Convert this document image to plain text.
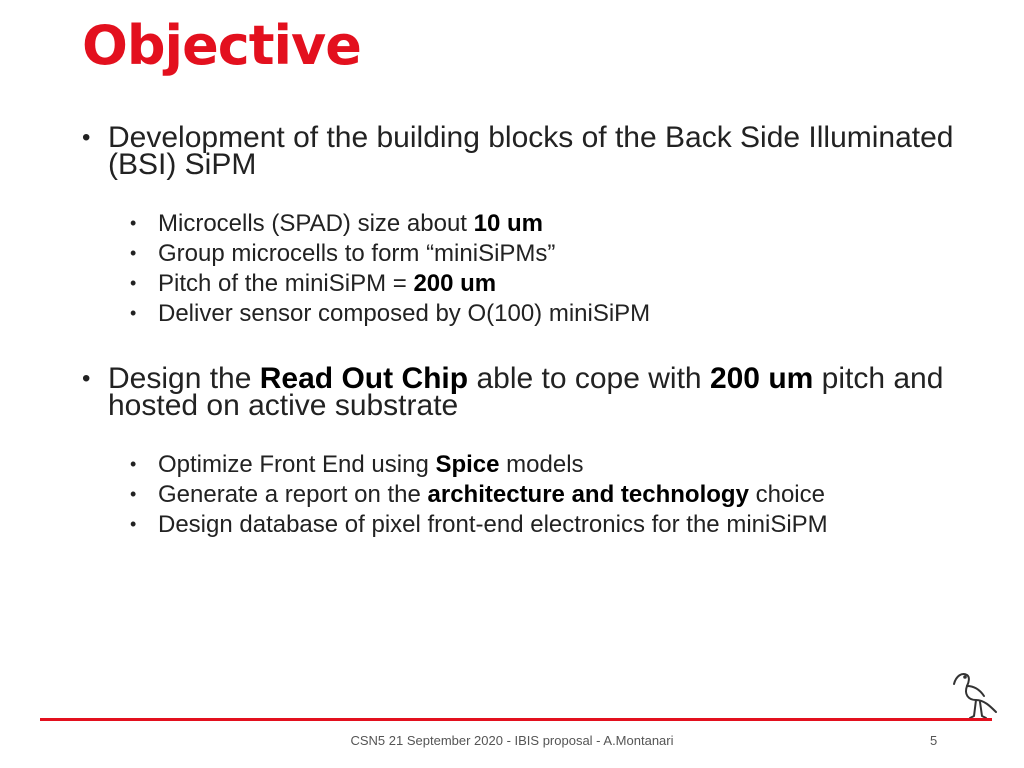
Objective
• Development of the building blocks of the Back Side Illuminated (BSI) SiPM
• Microcells (SPAD) size about 10 um
• Group microcells to form “miniSiPMs”
• Pitch of the miniSiPM = 200 um
• Deliver sensor composed by O(100) miniSiPM
• Design the Read Out Chip able to cope with 200 um pitch and hosted on active substrate
• Optimize Front End using Spice models
• Generate a report on the architecture and technology choice
• Design database of pixel front-end electronics for the miniSiPM
CSN5 21 September 2020 - IBIS proposal - A.Montanari	5
